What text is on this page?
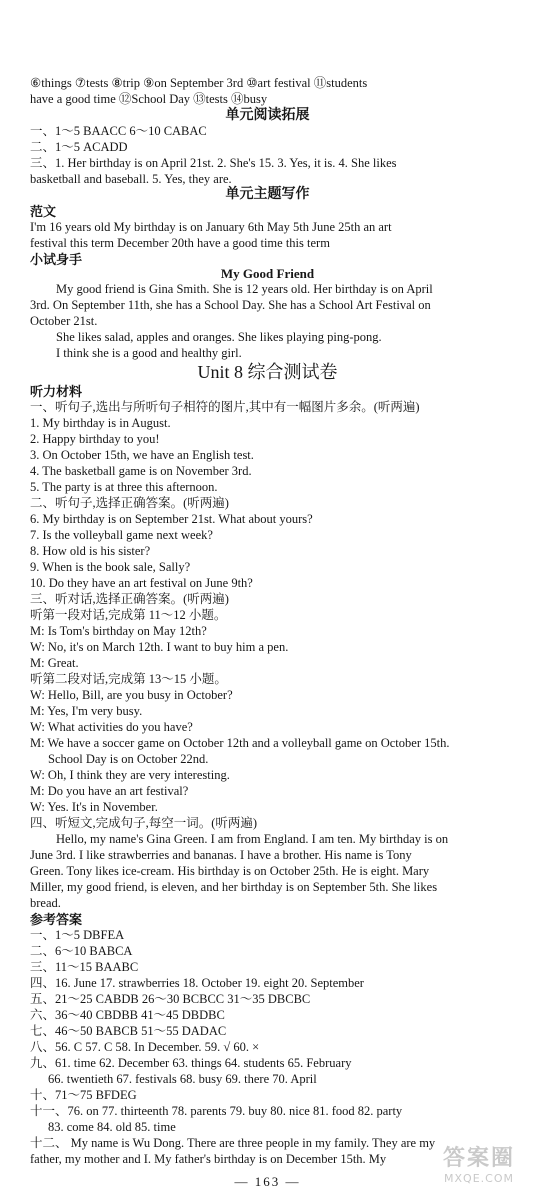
⑥things ⑦tests ⑧trip ⑨on September 3rd ⑩art festival ⑪students
have a good time ⑫School Day ⑬tests ⑭busy
单元阅读拓展
一、1～5 BAACC 6～10 CABAC
二、1～5 ACADD
三、1. Her birthday is on April 21st. 2. She's 15. 3. Yes, it is. 4. She likes
basketball and baseball. 5. Yes, they are.
单元主题写作
范文
I'm 16 years old My birthday is on January 6th May 5th June 25th an art
festival this term December 20th have a good time this term
小试身手
My Good Friend
My good friend is Gina Smith. She is 12 years old. Her birthday is on April
3rd. On September 11th, she has a School Day. She has a School Art Festival on
October 21st.
She likes salad, apples and oranges. She likes playing ping-pong.
I think she is a good and healthy girl.
Unit 8 综合测试卷
听力材料
一、听句子,选出与所听句子相符的图片,其中有一幅图片多余。(听两遍)
1. My birthday is in August.
2. Happy birthday to you!
3. On October 15th, we have an English test.
4. The basketball game is on November 3rd.
5. The party is at three this afternoon.
二、听句子,选择正确答案。(听两遍)
6. My birthday is on September 21st. What about yours?
7. Is the volleyball game next week?
8. How old is his sister?
9. When is the book sale, Sally?
10. Do they have an art festival on June 9th?
三、听对话,选择正确答案。(听两遍)
听第一段对话,完成第 11～12 小题。
M: Is Tom's birthday on May 12th?
W: No, it's on March 12th. I want to buy him a pen.
M: Great.
听第二段对话,完成第 13～15 小题。
W: Hello, Bill, are you busy in October?
M: Yes, I'm very busy.
W: What activities do you have?
M: We have a soccer game on October 12th and a volleyball game on October 15th.
School Day is on October 22nd.
W: Oh, I think they are very interesting.
M: Do you have an art festival?
W: Yes. It's in November.
四、听短文,完成句子,每空一词。(听两遍)
Hello, my name's Gina Green. I am from England. I am ten. My birthday is on
June 3rd. I like strawberries and bananas. I have a brother. His name is Tony
Green. Tony likes ice-cream. His birthday is on October 25th. He is eight. Mary
Miller, my good friend, is eleven, and her birthday is on September 5th. She likes
bread.
参考答案
一、1～5 DBFEA
二、6～10 BABCA
三、11～15 BAABC
四、16. June 17. strawberries 18. October 19. eight 20. September
五、21～25 CABDB 26～30 BCBCC 31～35 DBCBC
六、36～40 CBDBB 41～45 DBDBC
七、46～50 BABCB 51～55 DADAC
八、56. C 57. C 58. In December. 59. √ 60. ×
九、61. time 62. December 63. things 64. students 65. February
66. twentieth 67. festivals 68. busy 69. there 70. April
十、71～75 BFDEG
十一、76. on 77. thirteenth 78. parents 79. buy 80. nice 81. food 82. party
83. come 84. old 85. time
十二、 My name is Wu Dong. There are three people in my family. They are my
father, my mother and I. My father's birthday is on December 15th. My
— 163 —
答案圈
MXQE.COM
